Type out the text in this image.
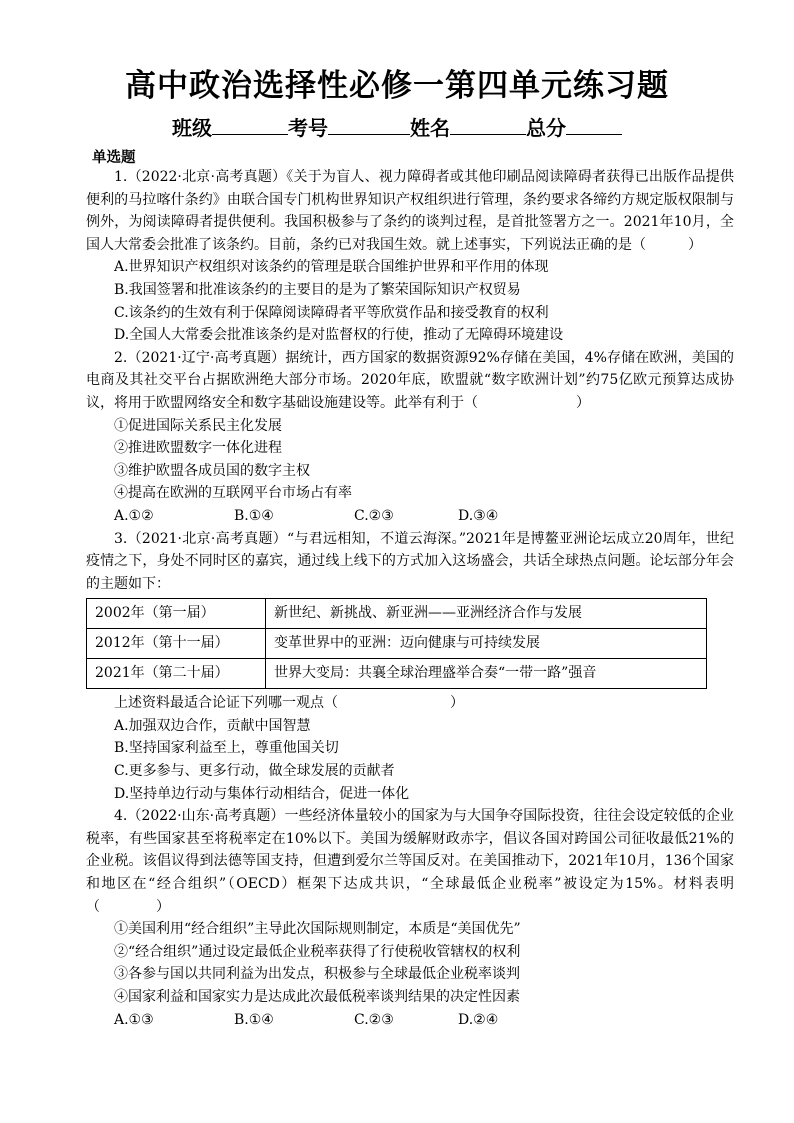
高中政治选择性必修一第四单元练习题
班级	考号	姓名	总分
单选题

1.（2022·北京·高考真题）《关于为盲人、视力障碍者或其他印刷品阅读障碍者获得已出版作品提供便利的马拉喀什条约》由联合国专门机构世界知识产权组织进行管理，条约要求各缔约方规定版权限制与例外，为阅读障碍者提供便利。我国积极参与了条约的谈判过程，是首批签署方之一。2021年10月，全国人大常委会批准了该条约。目前，条约已对我国生效。就上述事实，下列说法正确的是（　　　）

A.世界知识产权组织对该条约的管理是联合国维护世界和平作用的体现

B.我国签署和批准该条约的主要目的是为了繁荣国际知识产权贸易

C.该条约的生效有利于保障阅读障碍者平等欣赏作品和接受教育的权利

D.全国人大常委会批准该条约是对监督权的行使，推动了无障碍环境建设

2.（2021·辽宁·高考真题）据统计，西方国家的数据资源92%存储在美国，4%存储在欧洲，美国的电商及其社交平台占据欧洲绝大部分市场。2020年底，欧盟就“数字欧洲计划”约75亿欧元预算达成协议，将用于欧盟网络安全和数字基础设施建设等。此举有利于（　　　　　　　）

①促进国际关系民主化发展

②推进欧盟数字一体化进程

③维护欧盟各成员国的数字主权

④提高在欧洲的互联网平台市场占有率

A.①②	B.①④	C.②③	D.③④

3.（2021·北京·高考真题）“与君远相知，不道云海深。”2021年是博鳌亚洲论坛成立20周年，世纪疫情之下，身处不同时区的嘉宾，通过线上线下的方式加入这场盛会，共话全球热点问题。论坛部分年会的主题如下：

2002年（第一届）	新世纪、新挑战、新亚洲——亚洲经济合作与发展
2012年（第十一届）	变革世界中的亚洲：迈向健康与可持续发展
2021年（第二十届）	世界大变局：共襄全球治理盛举合奏“一带一路”强音

上述资料最适合论证下列哪一观点（　　　　　　　　）

A.加强双边合作，贡献中国智慧

B.坚持国家利益至上，尊重他国关切

C.更多参与、更多行动，做全球发展的贡献者

D.坚持单边行动与集体行动相结合，促进一体化

4.（2022·山东·高考真题）一些经济体量较小的国家为与大国争夺国际投资，往往会设定较低的企业税率，有些国家甚至将税率定在10%以下。美国为缓解财政赤字，倡议各国对跨国公司征收最低21%的企业税。该倡议得到法德等国支持，但遭到爱尔兰等国反对。在美国推动下，2021年10月，136个国家和地区在“经合组织”（OECD）框架下达成共识，“全球最低企业税率”被设定为15%。材料表明（　　　　）

①美国利用“经合组织”主导此次国际规则制定，本质是“美国优先”

②“经合组织”通过设定最低企业税率获得了行使税收管辖权的权利

③各参与国以共同利益为出发点，积极参与全球最低企业税率谈判

④国家利益和国家实力是达成此次最低税率谈判结果的决定性因素

A.①③	B.①④	C.②③	D.②④
